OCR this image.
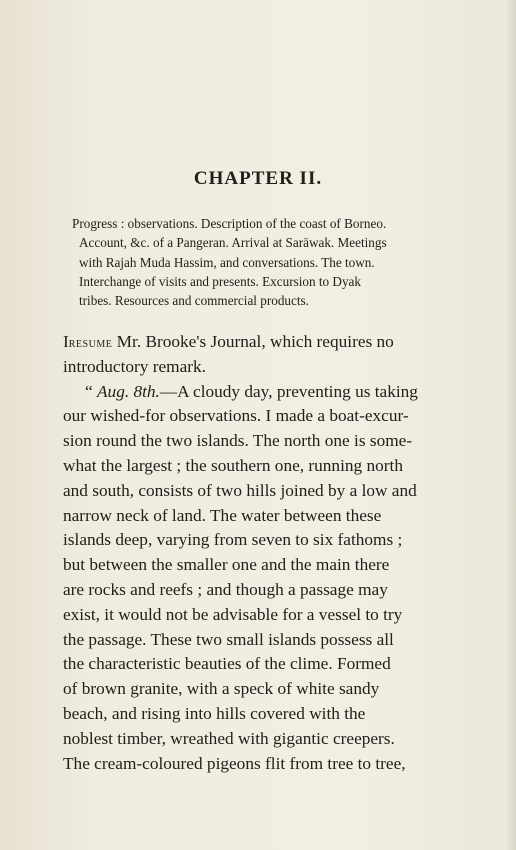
CHAPTER II.
Progress : observations. Description of the coast of Borneo.
Account, &c. of a Pangeran. Arrival at Sarāwak. Meetings
with Rajah Muda Hassim, and conversations. The town.
Interchange of visits and presents. Excursion to Dyak
tribes. Resources and commercial products.
Iresume Mr. Brooke's Journal, which requires no
introductory remark.
“ Aug. 8th.—A cloudy day, preventing us taking
our wished-for observations. I made a boat-excur-
sion round the two islands. The north one is some-
what the largest ; the southern one, running north
and south, consists of two hills joined by a low and
narrow neck of land. The water between these
islands deep, varying from seven to six fathoms ;
but between the smaller one and the main there
are rocks and reefs ; and though a passage may
exist, it would not be advisable for a vessel to try
the passage. These two small islands possess all
the characteristic beauties of the clime. Formed
of brown granite, with a speck of white sandy
beach, and rising into hills covered with the
noblest timber, wreathed with gigantic creepers.
The cream-coloured pigeons flit from tree to tree,
